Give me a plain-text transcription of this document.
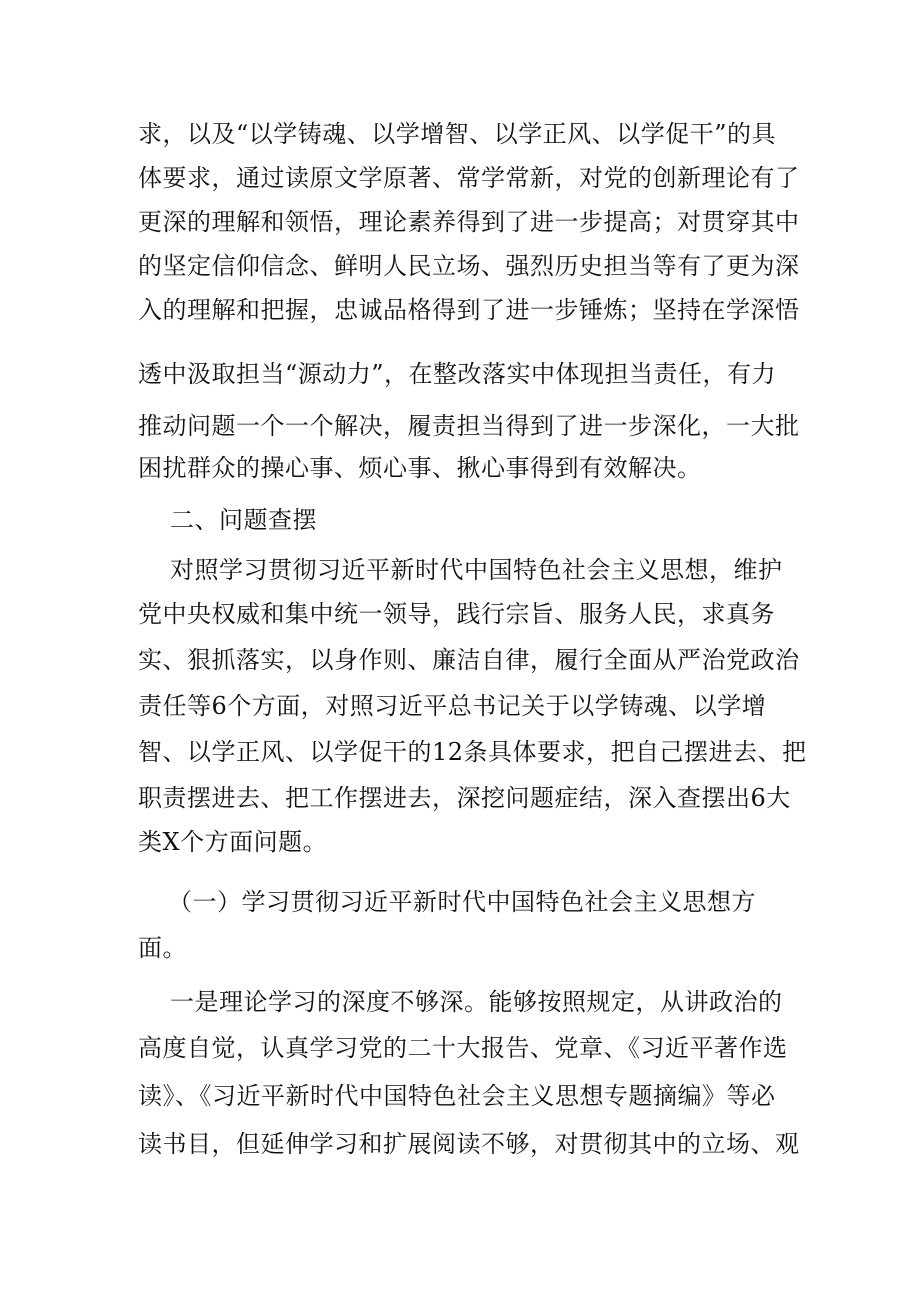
求，以及“以学铸魂、以学增智、以学正风、以学促干”的具
体要求，通过读原文学原著、常学常新，对党的创新理论有了
更深的理解和领悟，理论素养得到了进一步提高；对贯穿其中
的坚定信仰信念、鲜明人民立场、强烈历史担当等有了更为深
入的理解和把握，忠诚品格得到了进一步锤炼；坚持在学深悟
透中汲取担当“源动力”，在整改落实中体现担当责任，有力
推动问题一个一个解决，履责担当得到了进一步深化，一大批
困扰群众的操心事、烦心事、揪心事得到有效解决。
二、问题查摆
对照学习贯彻习近平新时代中国特色社会主义思想，维护
党中央权威和集中统一领导，践行宗旨、服务人民，求真务
实、狠抓落实，以身作则、廉洁自律，履行全面从严治党政治
责任等6个方面，对照习近平总书记关于以学铸魂、以学增
智、以学正风、以学促干的12条具体要求，把自己摆进去、把
职责摆进去、把工作摆进去，深挖问题症结，深入查摆出6大
类X个方面问题。
（一）学习贯彻习近平新时代中国特色社会主义思想方
面。
一是理论学习的深度不够深。能够按照规定，从讲政治的
高度自觉，认真学习党的二十大报告、党章、《习近平著作选
读》、《习近平新时代中国特色社会主义思想专题摘编》等必
读书目，但延伸学习和扩展阅读不够，对贯彻其中的立场、观
